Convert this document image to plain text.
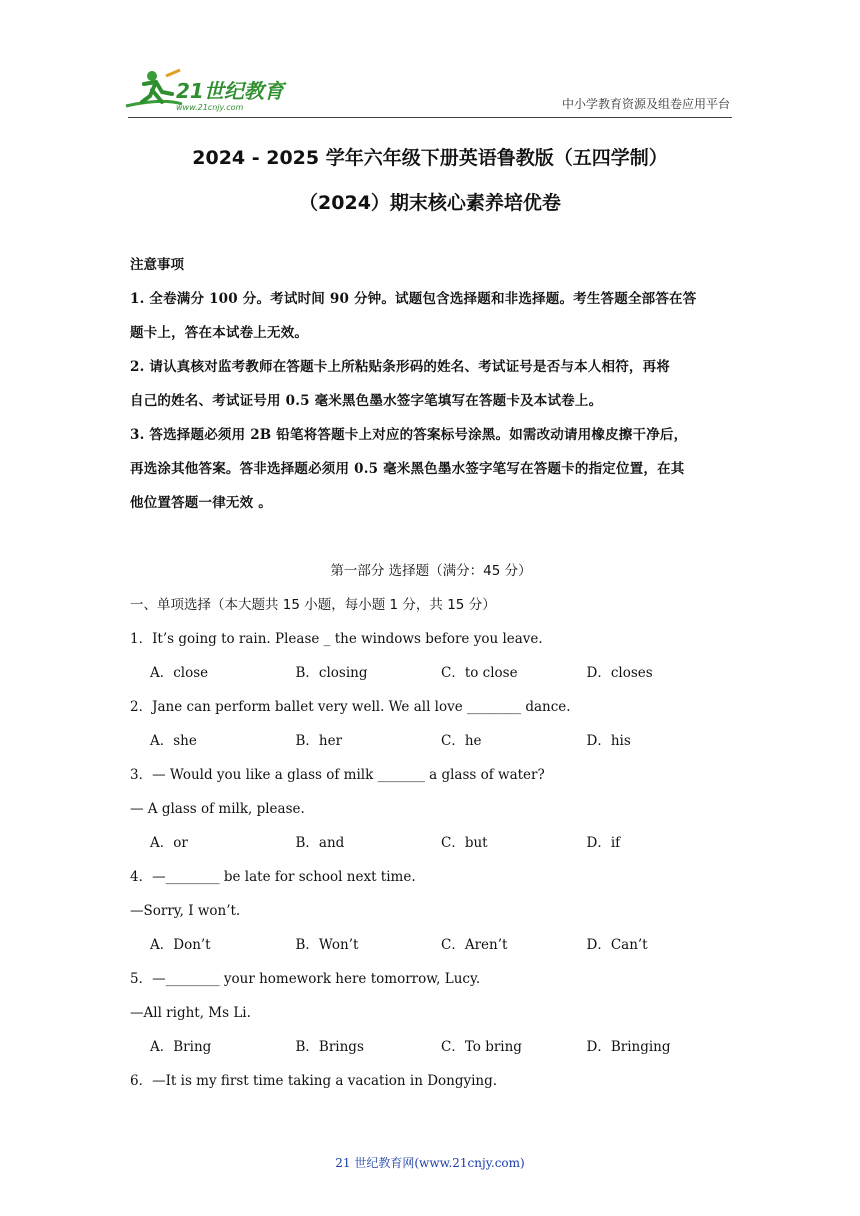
21世纪教育
www.21cnjy.com	中小学教育资源及组卷应用平台
2024 - 2025 学年六年级下册英语鲁教版（五四学制）
（2024）期末核心素养培优卷
注意事项

1. 全卷满分 100 分。考试时间 90 分钟。试题包含选择题和非选择题。考生答题全部答在答

题卡上，答在本试卷上无效。

2. 请认真核对监考教师在答题卡上所粘贴条形码的姓名、考试证号是否与本人相符，再将

自己的姓名、考试证号用 0.5 毫米黑色墨水签字笔填写在答题卡及本试卷上。

3. 答选择题必须用 2B 铅笔将答题卡上对应的答案标号涂黑。如需改动请用橡皮擦干净后，

再选涂其他答案。答非选择题必须用 0.5 毫米黑色墨水签字笔写在答题卡的指定位置，在其

他位置答题一律无效 。

第一部分 选择题（满分：45 分）
一、单项选择（本大题共 15 小题，每小题 1 分，共 15 分）

1．It’s going to rain. Please _ the windows before you leave.

A．close	B．closing	C．to close	D．closes

2．Jane can perform ballet very well. We all love ________ dance.

A．she	B．her	C．he	D．his

3．— Would you like a glass of milk _______ a glass of water?

— A glass of milk, please.

A．or	B．and	C．but	D．if

4．—________ be late for school next time.

—Sorry, I won’t.

A．Don’t	B．Won’t	C．Aren’t	D．Can’t

5．—________ your homework here tomorrow, Lucy.

—All right, Ms Li.

A．Bring	B．Brings	C．To bring	D．Bringing

6．—It is my first time taking a vacation in Dongying.

21 世纪教育网(www.21cnjy.com)
